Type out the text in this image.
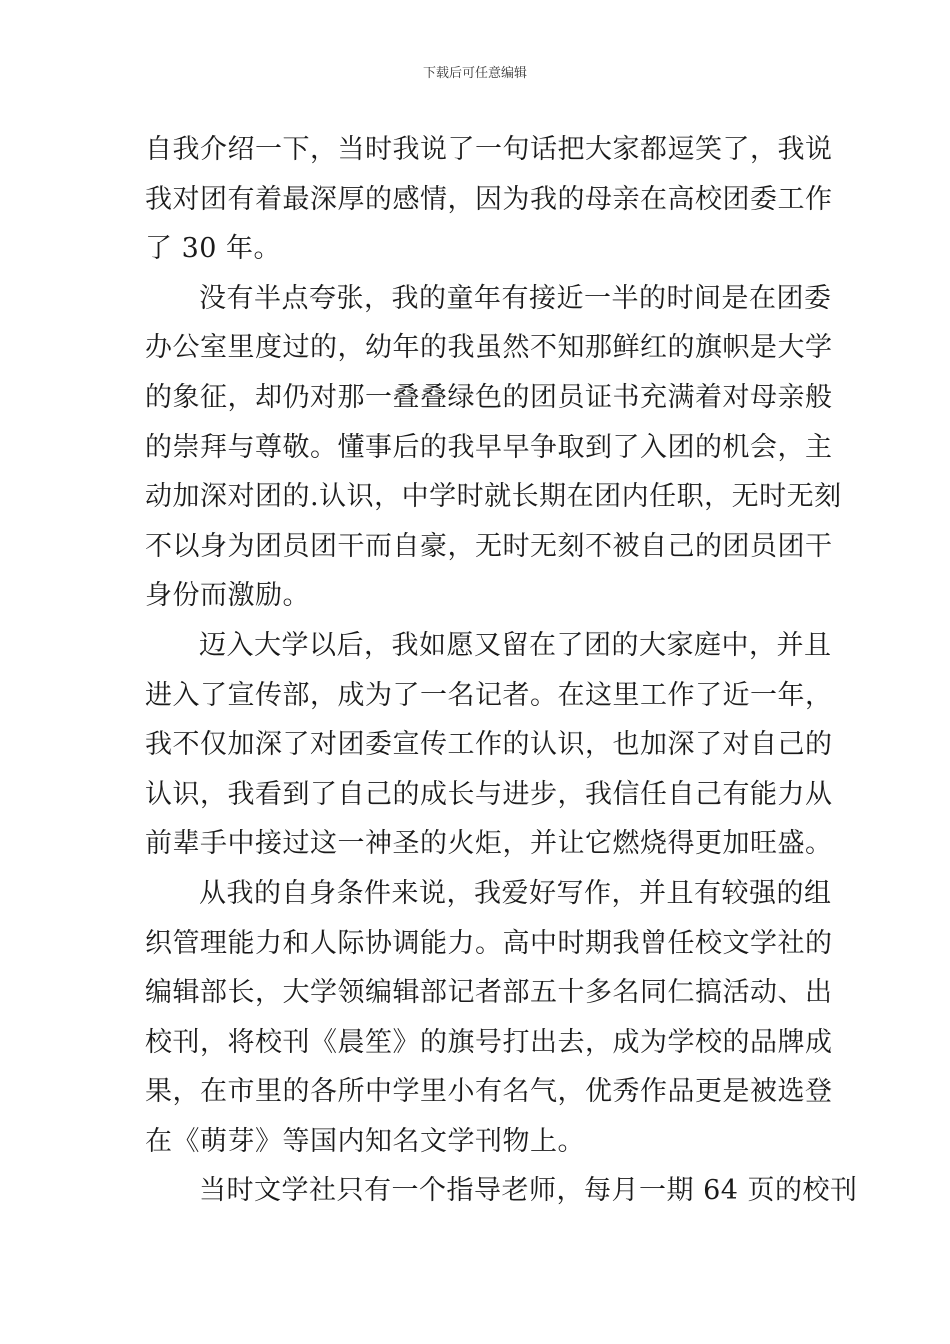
下载后可任意编辑
自我介绍一下，当时我说了一句话把大家都逗笑了，我说
我对团有着最深厚的感情，因为我的母亲在高校团委工作
了 30 年。
没有半点夸张，我的童年有接近一半的时间是在团委
办公室里度过的，幼年的我虽然不知那鲜红的旗帜是大学
的象征，却仍对那一叠叠绿色的团员证书充满着对母亲般
的崇拜与尊敬。懂事后的我早早争取到了入团的机会，主
动加深对团的.认识，中学时就长期在团内任职，无时无刻
不以身为团员团干而自豪，无时无刻不被自己的团员团干
身份而激励。
迈入大学以后，我如愿又留在了团的大家庭中，并且
进入了宣传部，成为了一名记者。在这里工作了近一年，
我不仅加深了对团委宣传工作的认识，也加深了对自己的
认识，我看到了自己的成长与进步，我信任自己有能力从
前辈手中接过这一神圣的火炬，并让它燃烧得更加旺盛。
从我的自身条件来说，我爱好写作，并且有较强的组
织管理能力和人际协调能力。高中时期我曾任校文学社的
编辑部长，大学领编辑部记者部五十多名同仁搞活动、出
校刊，将校刊《晨笙》的旗号打出去，成为学校的品牌成
果，在市里的各所中学里小有名气，优秀作品更是被选登
在《萌芽》等国内知名文学刊物上。
当时文学社只有一个指导老师，每月一期 64 页的校刊
